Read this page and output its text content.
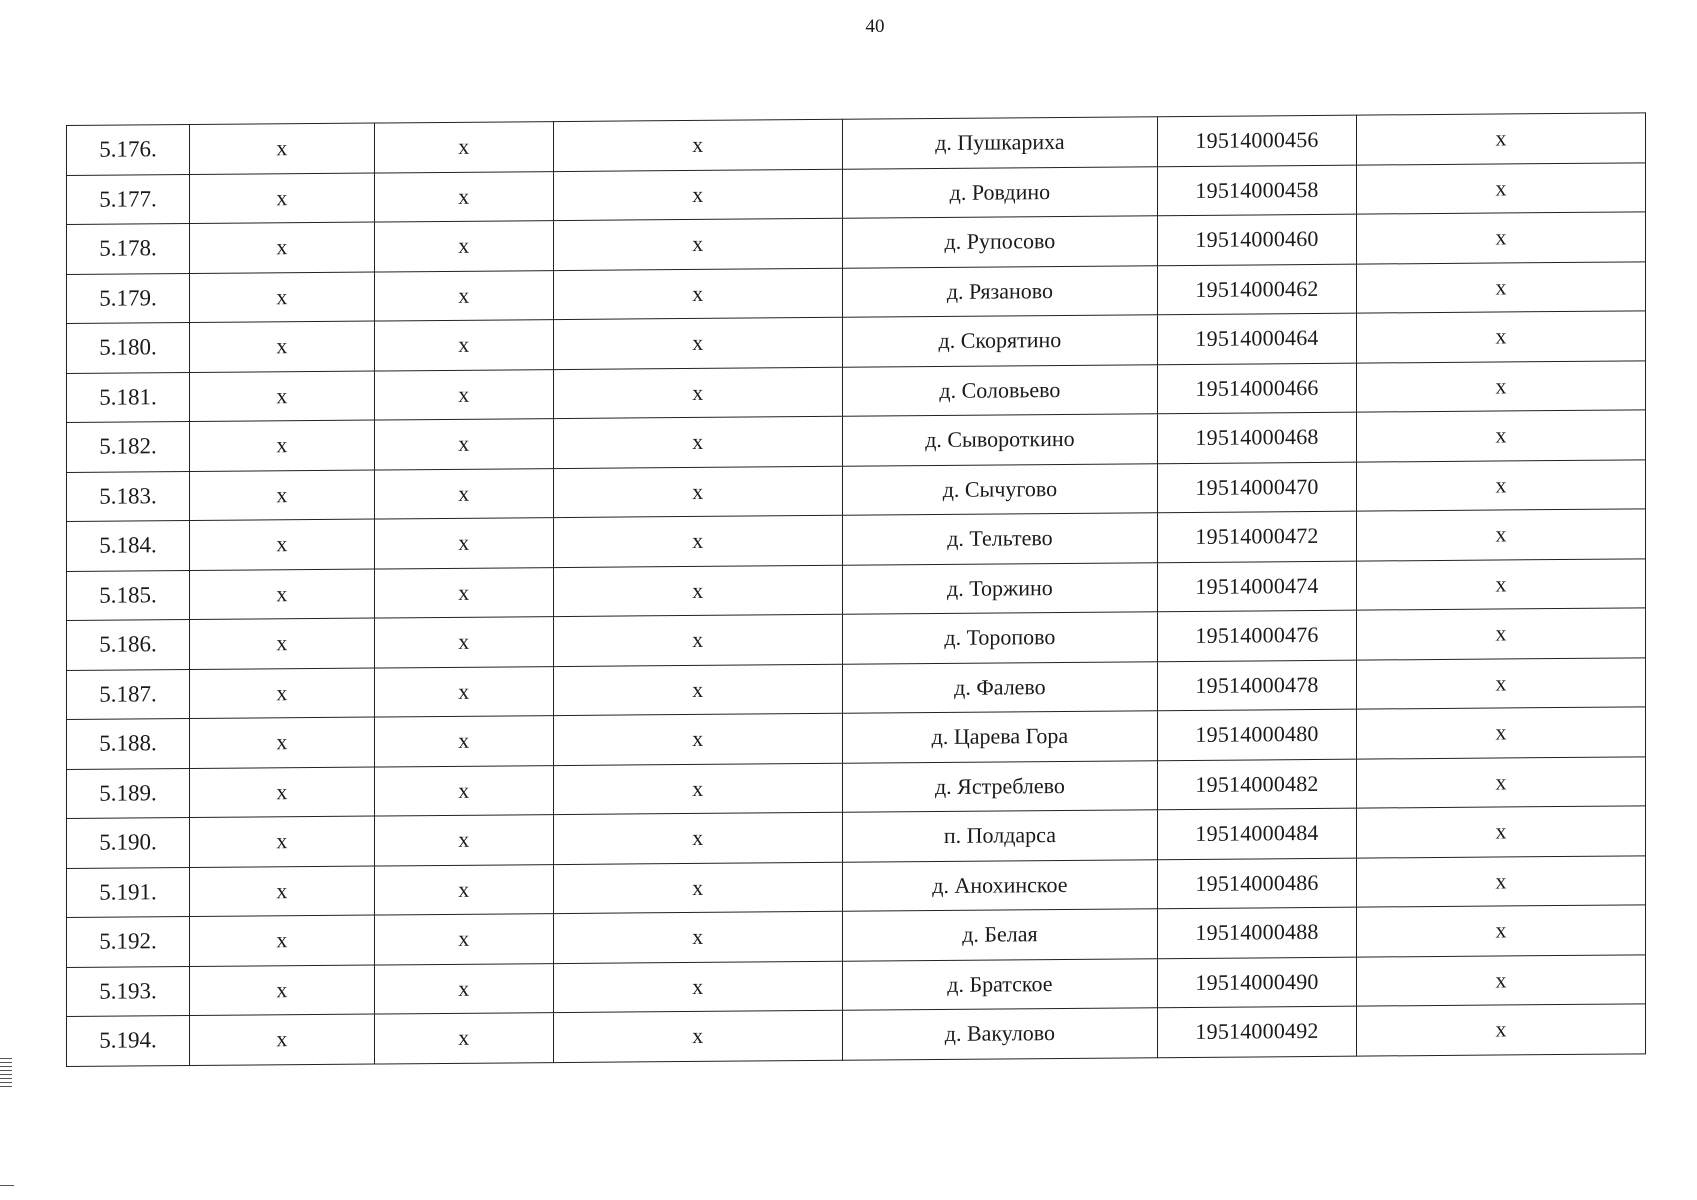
40
5.176.	x	x	x	д. Пушкариха	19514000456	x
5.177.	x	x	x	д. Ровдино	19514000458	x
5.178.	x	x	x	д. Рупосово	19514000460	x
5.179.	x	x	x	д. Рязаново	19514000462	x
5.180.	x	x	x	д. Скорятино	19514000464	x
5.181.	x	x	x	д. Соловьево	19514000466	x
5.182.	x	x	x	д. Сывороткино	19514000468	x
5.183.	x	x	x	д. Сычугово	19514000470	x
5.184.	x	x	x	д. Тельтево	19514000472	x
5.185.	x	x	x	д. Торжино	19514000474	x
5.186.	x	x	x	д. Торопово	19514000476	x
5.187.	x	x	x	д. Фалево	19514000478	x
5.188.	x	x	x	д. Царева Гора	19514000480	x
5.189.	x	x	x	д. Ястреблево	19514000482	x
5.190.	x	x	x	п. Полдарса	19514000484	x
5.191.	x	x	x	д. Анохинское	19514000486	x
5.192.	x	x	x	д. Белая	19514000488	x
5.193.	x	x	x	д. Братское	19514000490	x
5.194.	x	x	x	д. Вакулово	19514000492	x
